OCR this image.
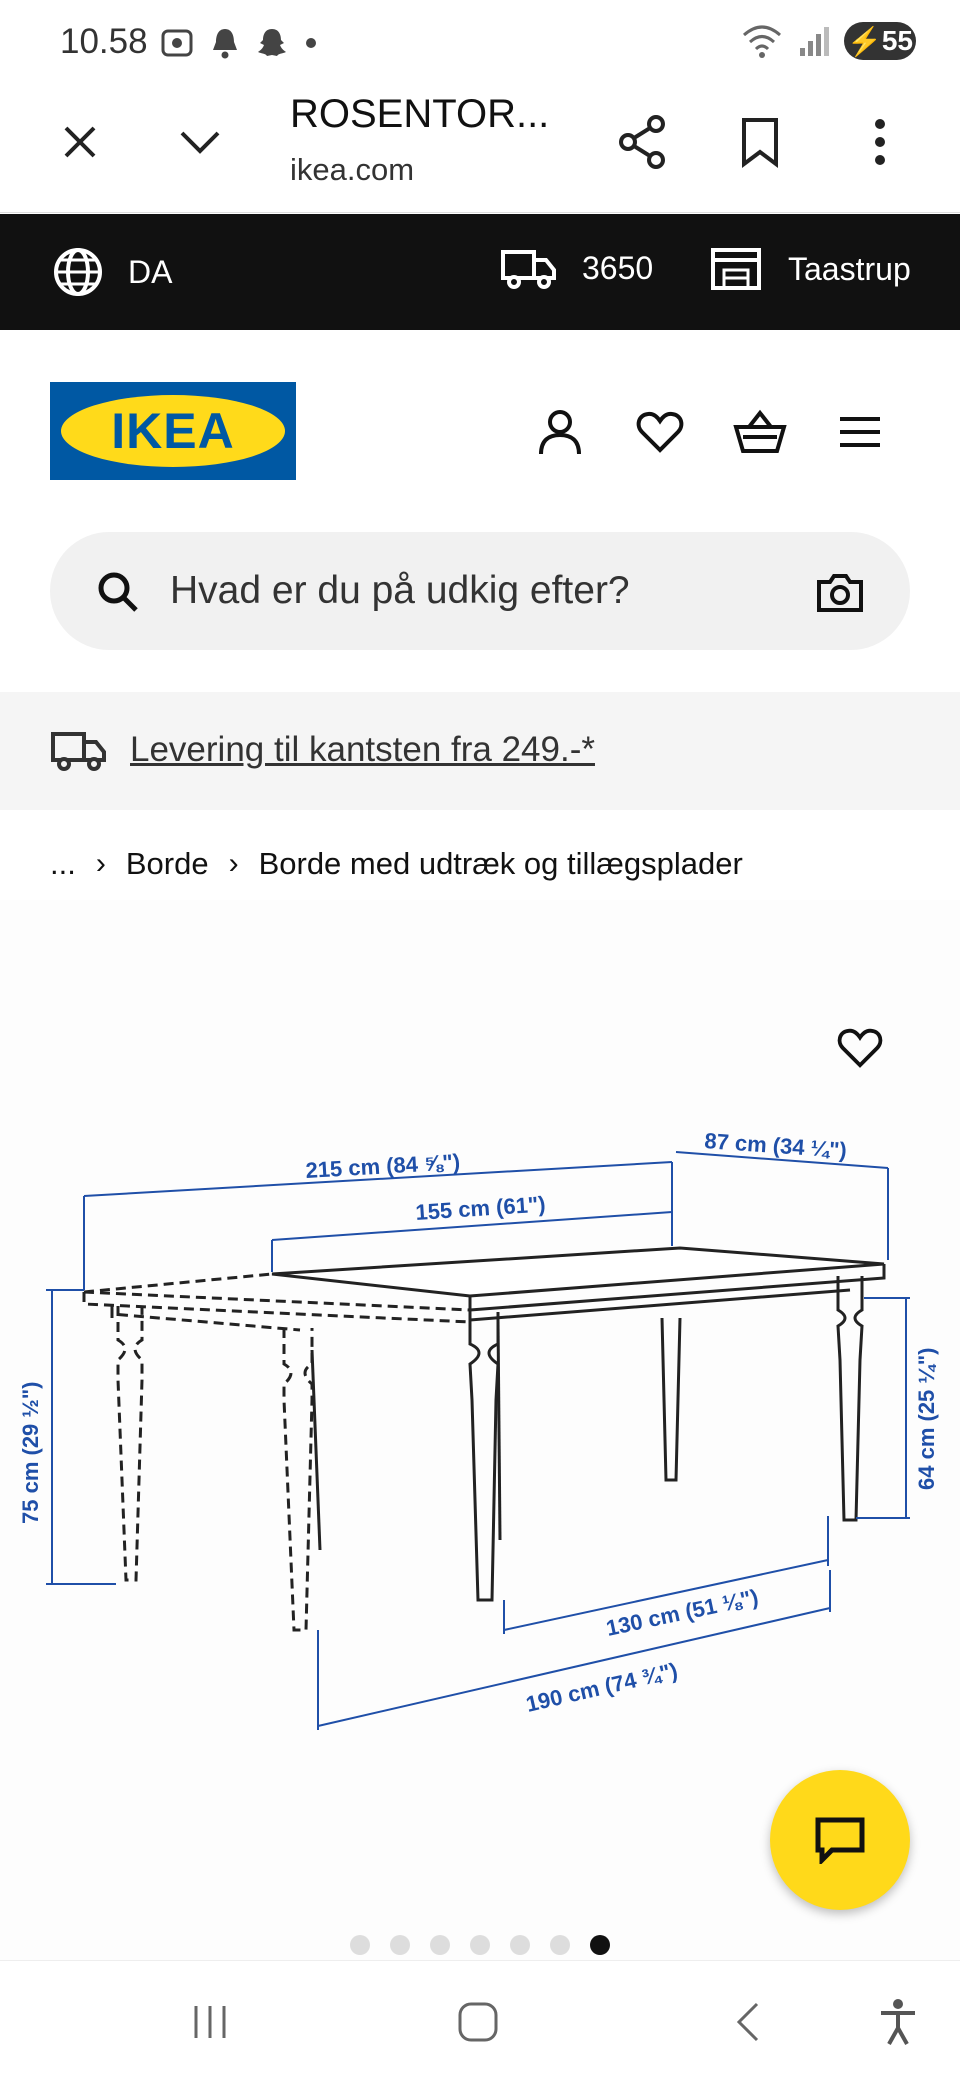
10.58	⚡ 55
ROSENTOR...
ikea.com
DA	3650	Taastrup
IKEA
Hvad er du på udkig efter?
Levering til kantsten fra 249.-*
... › Borde › Borde med udtræk og tillægsplader
215 cm (84 ⅝")
87 cm (34 ¼")
155 cm (61")
75 cm (29 ½")	64 cm (25 ¼")
130 cm (51 ⅛")
190 cm (74 ¾")
